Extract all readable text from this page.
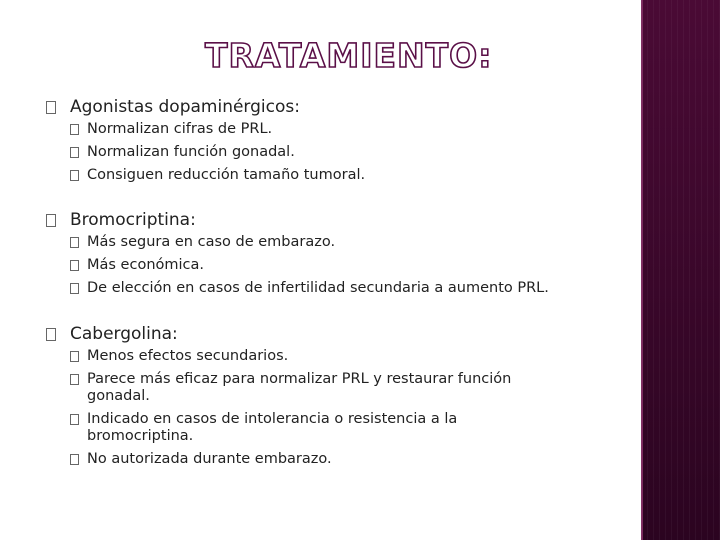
TRATAMIENTO:
Agonistas dopaminérgicos:
Normalizan cifras de PRL.
Normalizan función gonadal.
Consiguen reducción tamaño tumoral.
Bromocriptina:
Más segura en caso de embarazo.
Más económica.
De elección en casos de infertilidad secundaria a aumento PRL.
Cabergolina:
Menos efectos secundarios.
Parece más eficaz para normalizar PRL y restaurar función gonadal.
Indicado en casos de intolerancia o resistencia a la bromocriptina.
No autorizada durante embarazo.
